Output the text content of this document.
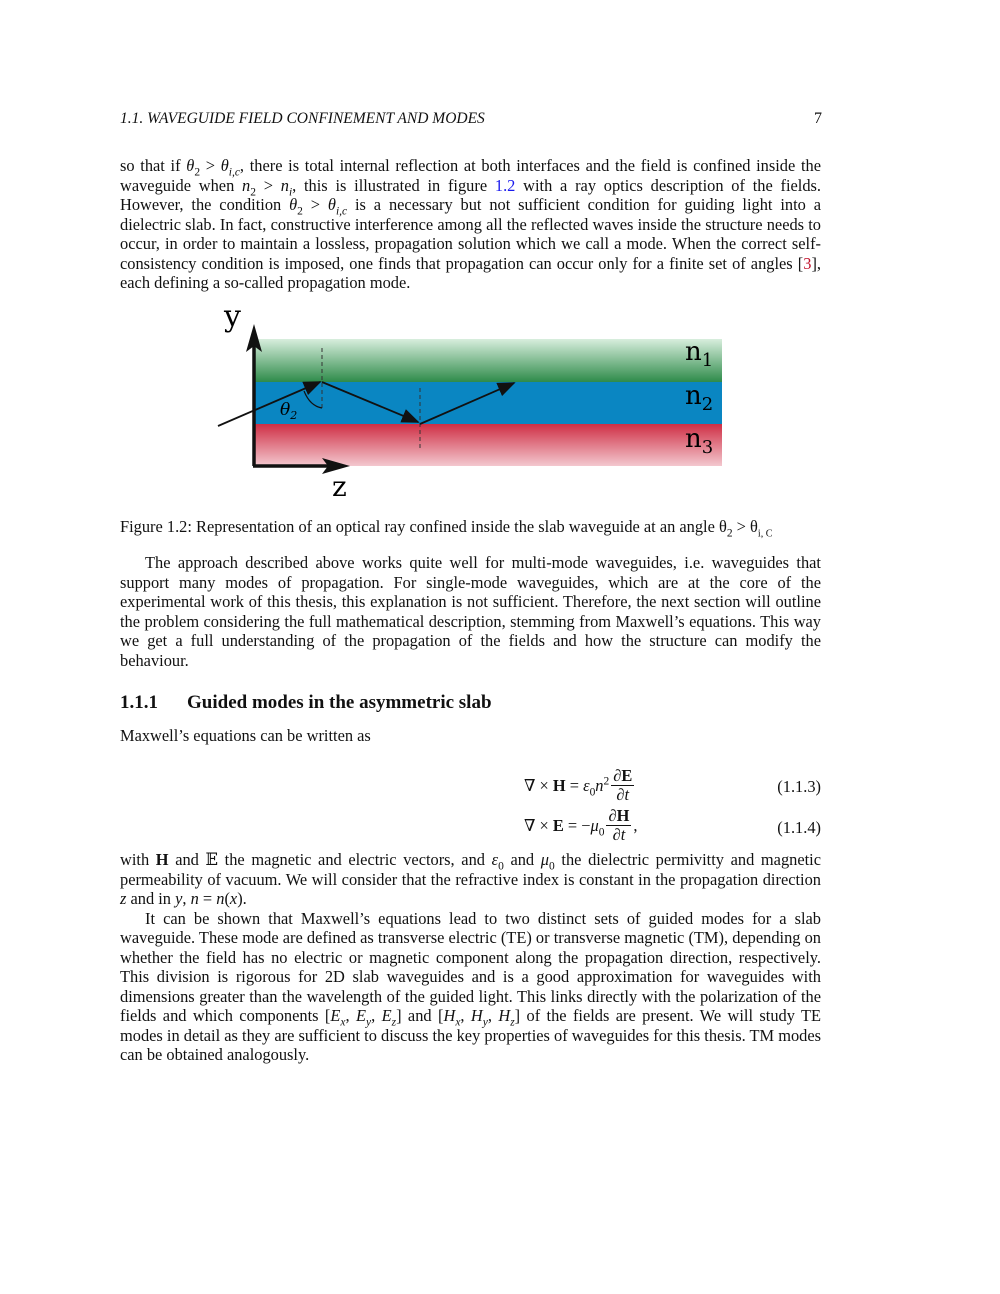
1.1. WAVEGUIDE FIELD CONFINEMENT AND MODES	7

so that if $\theta_2 > \theta_{i,c}$, there is total internal reflection at both interfaces and the field is confined inside the waveguide when $n_2 > n_i$, this is illustrated in figure 1.2 with a ray optics description of the fields. However, the condition $\theta_2 > \theta_{i,c}$ is a necessary but not sufficient condition for guiding light into a dielectric slab. In fact, constructive interference among all the reflected waves inside the structure needs to occur, in order to maintain a lossless, propagation solution which we call a mode. When the correct self-consistency condition is imposed, one finds that propagation can occur only for a finite set of angles [3], each defining a so-called propagation mode.

$\theta_2$
y
z
$n_1$
$n_2$
$n_3$
Figure 1.2: Representation of an optical ray confined inside the slab waveguide at an angle $\theta_2 > \theta_{i, C}$

The approach described above works quite well for multi-mode waveguides, i.e. waveguides that support many modes of propagation. For single-mode waveguides, which are at the core of the experimental work of this thesis, this explanation is not sufficient. Therefore, the next section will outline the problem considering the full mathematical description, stemming from Maxwell’s equations. This way we get a full understanding of the propagation of the fields and how the structure can modify the behaviour.

1.1.1 Guided modes in the asymmetric slab

Maxwell’s equations can be written as

∇ × $H = \varepsilon_0n^2 \frac{\partial E}{\partial t}$	(1.1.3)
∇ × $E = -\mu_0 \frac{\partial H}{\partial t}$ ,	(1.1.4)

with H and 𝔼 the magnetic and electric vectors, and $\varepsilon_0$ and $\mu_0$ the dielectric permivitty and magnetic permeability of vacuum. We will consider that the refractive index is constant in the propagation direction z and in y, n = n(x).

It can be shown that Maxwell’s equations lead to two distinct sets of guided modes for a slab waveguide. These mode are defined as transverse electric (TE) or transverse magnetic (TM), depending on whether the field has no electric or magnetic component along the propagation direction, respectively. This division is rigorous for 2D slab waveguides and is a good approximation for waveguides with dimensions greater than the wavelength of the guided light. This links directly with the polarization of the fields and which components [$E_x$, $E_y$, $E_z$] and [$H_x$, $H_y$, $H_z$] of the fields are present. We will study TE modes in detail as they are sufficient to discuss the key properties of waveguides for this thesis. TM modes can be obtained analogously.
